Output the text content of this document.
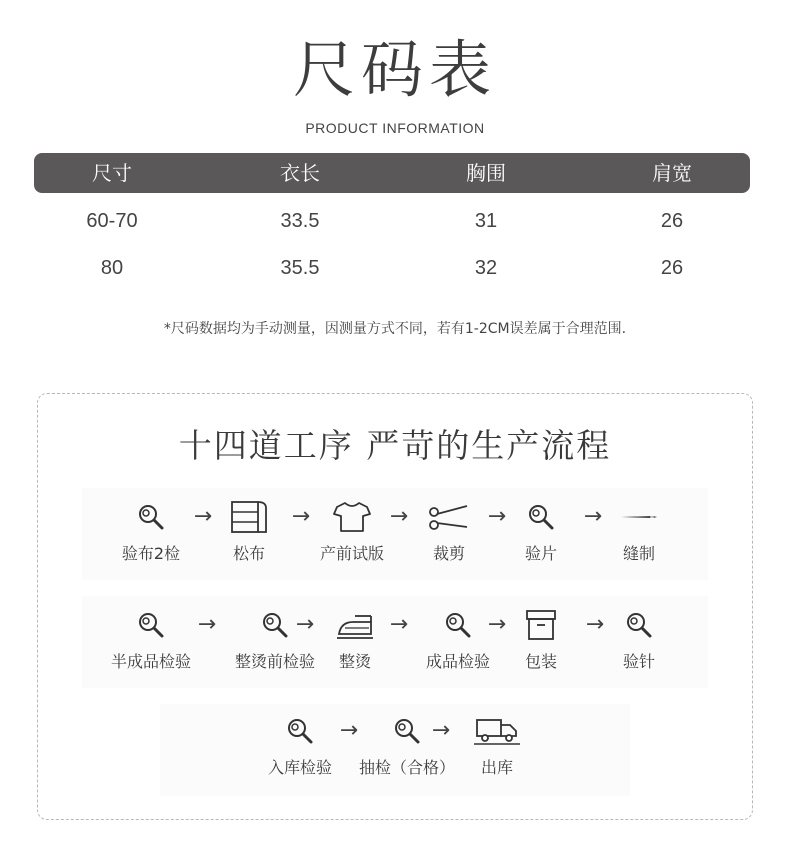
尺码表
PRODUCT INFORMATION
尺寸	衣长	胸围	肩宽
60-70	33.5	31	26
80	35.5	32	26
*尺码数据均为手动测量，因测量方式不同，若有1-2CM误差属于合理范围.
十四道工序 严苛的生产流程
验布2检
→
松布
→
产前试版
→
裁剪
→
验片
→
缝制
半成品检验
→
整烫前检验
→
整烫
→
成品检验
→
包装
→
验针
入库检验
→
抽检（合格）
→
出库
